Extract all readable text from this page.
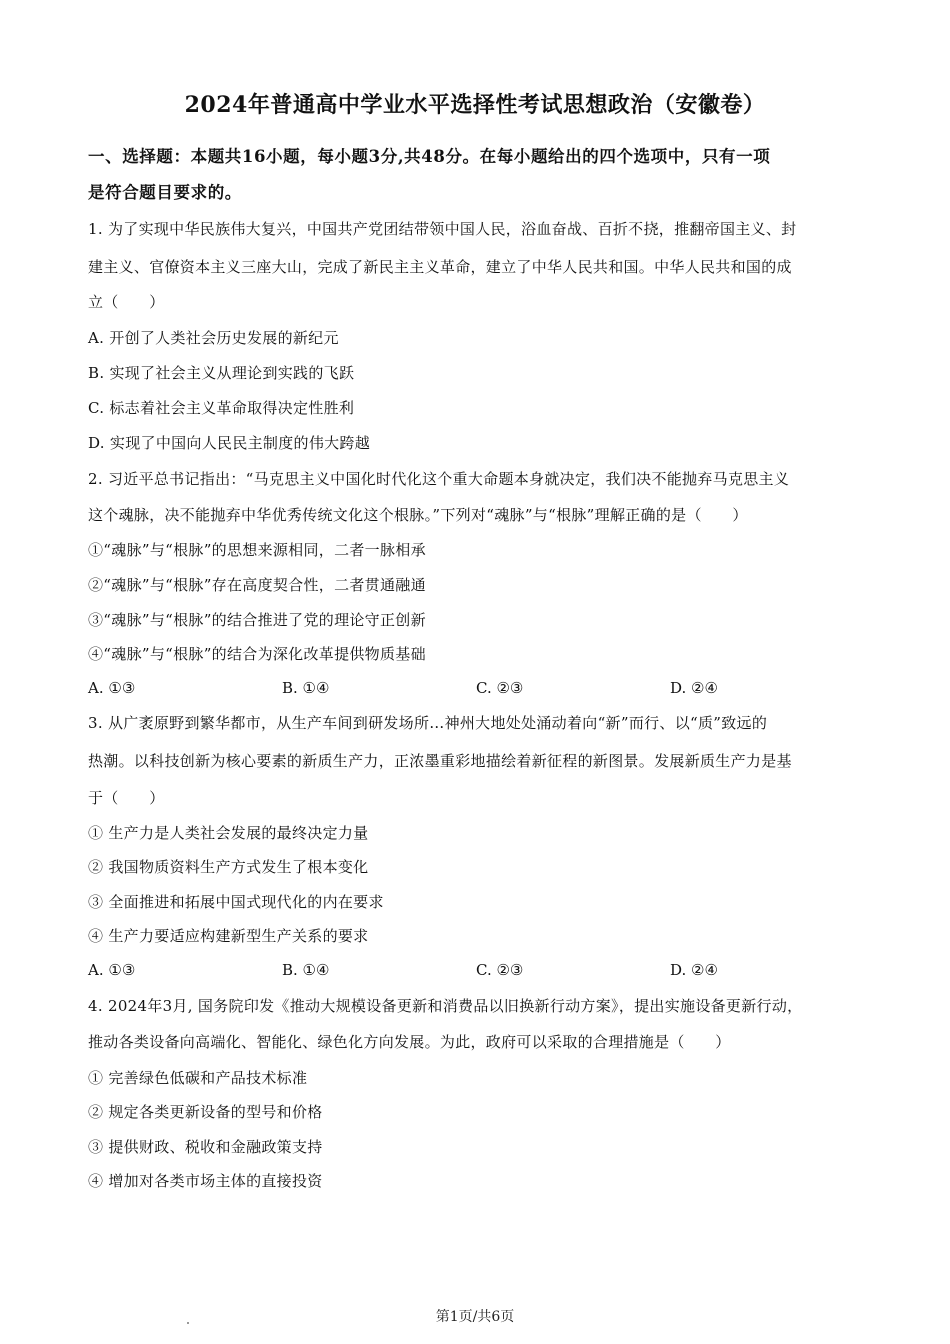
2024年普通高中学业水平选择性考试思想政治（安徽卷）
一、选择题：本题共16小题，每小题3分,共48分。在每小题给出的四个选项中，只有一项
是符合题目要求的。
1. 为了实现中华民族伟大复兴，中国共产党团结带领中国人民，浴血奋战、百折不挠，推翻帝国主义、封
建主义、官僚资本主义三座大山，完成了新民主主义革命，建立了中华人民共和国。中华人民共和国的成
立（　　）
A. 开创了人类社会历史发展的新纪元
B. 实现了社会主义从理论到实践的飞跃
C. 标志着社会主义革命取得决定性胜利
D. 实现了中国向人民民主制度的伟大跨越
2. 习近平总书记指出：“马克思主义中国化时代化这个重大命题本身就决定，我们决不能抛弃马克思主义
这个魂脉，决不能抛弃中华优秀传统文化这个根脉。”下列对“魂脉”与“根脉”理解正确的是（　　）
①“魂脉”与“根脉”的思想来源相同，二者一脉相承
②“魂脉”与“根脉”存在高度契合性，二者贯通融通
③“魂脉”与“根脉”的结合推进了党的理论守正创新
④“魂脉”与“根脉”的结合为深化改革提供物质基础
A. ①③	B. ①④	C. ②③	D. ②④
3. 从广袤原野到繁华都市，从生产车间到研发场所…神州大地处处涌动着向“新”而行、以“质”致远的
热潮。以科技创新为核心要素的新质生产力，正浓墨重彩地描绘着新征程的新图景。发展新质生产力是基
于（　　）
① 生产力是人类社会发展的最终决定力量
② 我国物质资料生产方式发生了根本变化
③ 全面推进和拓展中国式现代化的内在要求
④ 生产力要适应构建新型生产关系的要求
A. ①③	B. ①④	C. ②③	D. ②④
4. 2024年3月, 国务院印发《推动大规模设备更新和消费品以旧换新行动方案》，提出实施设备更新行动，
推动各类设备向高端化、智能化、绿色化方向发展。为此，政府可以采取的合理措施是（　　）
① 完善绿色低碳和产品技术标准
② 规定各类更新设备的型号和价格
③ 提供财政、税收和金融政策支持
④ 增加对各类市场主体的直接投资
第1页/共6页
